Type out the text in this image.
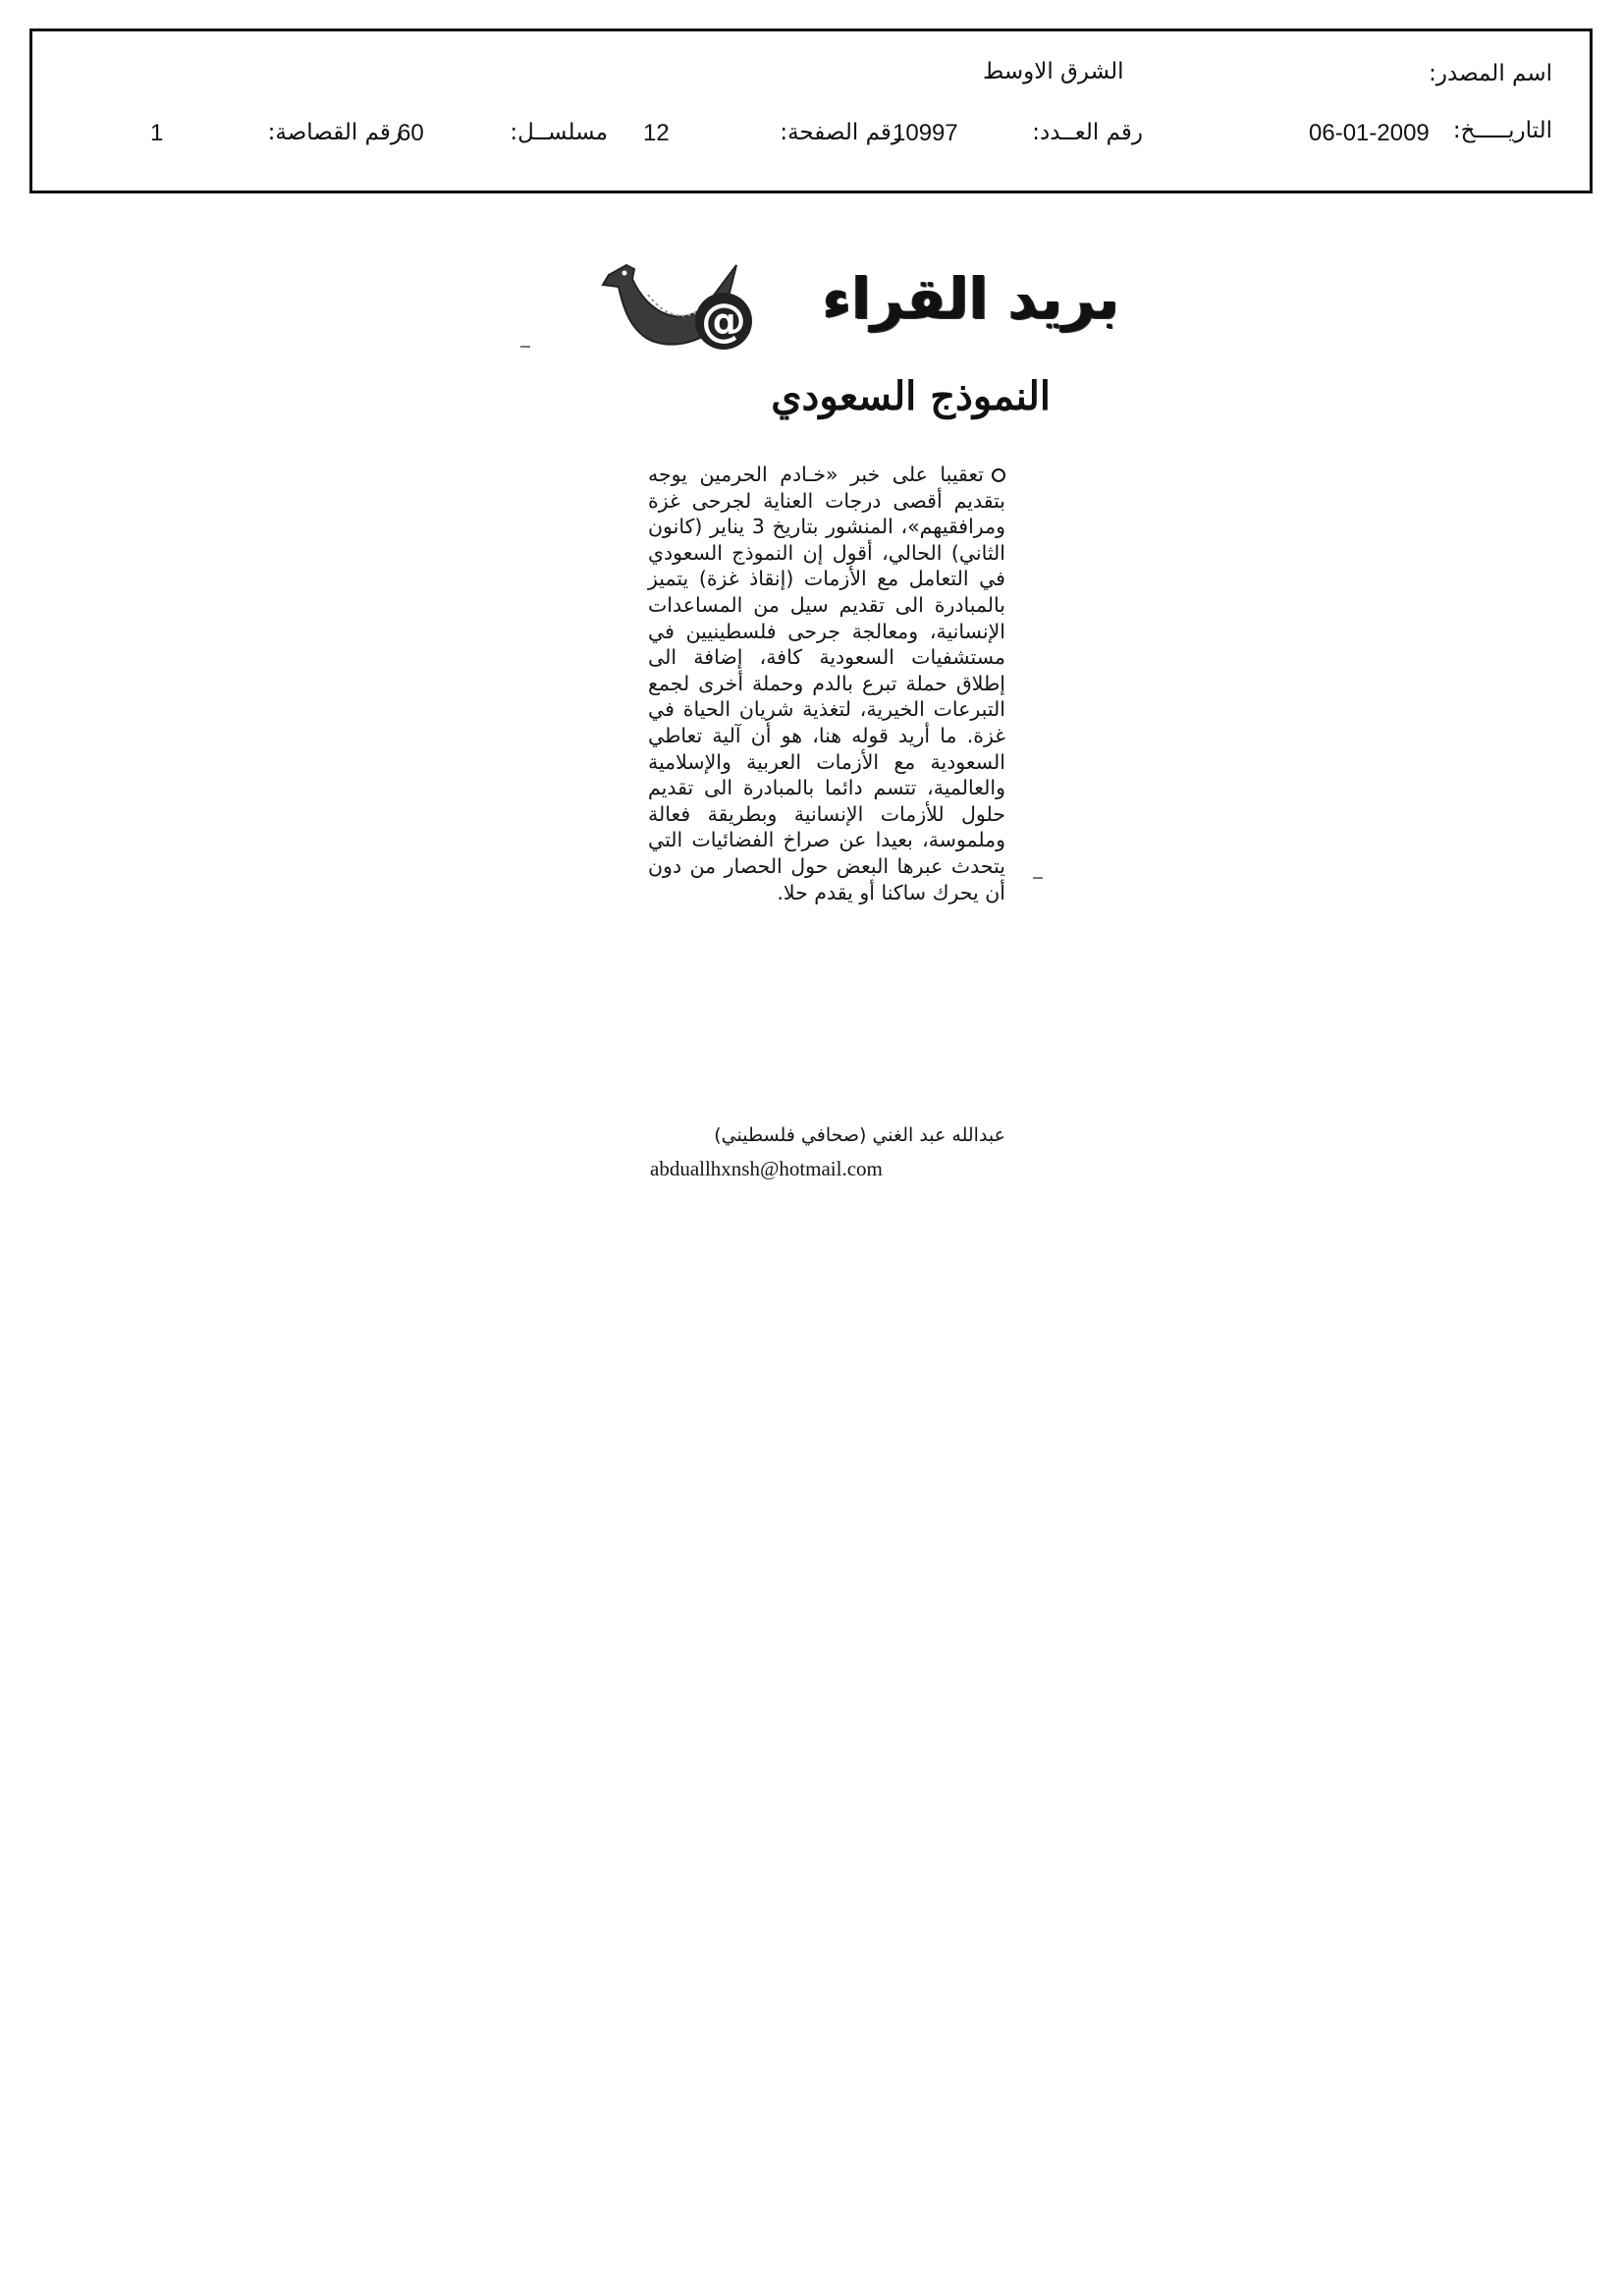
اسم المصدر:
الشرق الاوسط
التاريـــــخ:
06-01-2009
رقم العــدد:
10997
رقم الصفحة:
12
مسلســل:
60
رقم القصاصة:
1
@ بريد القراء
النموذج السعودي

تعقيبا على خبر «خـادم الحرمين يوجه بتقديم أقصى درجات العناية لجرحى غزة ومرافقيهم»، المنشور بتاريخ 3 يناير (كانون الثاني) الحالي، أقول إن النموذج السعودي في التعامل مع الأزمات (إنقاذ غزة) يتميز بالمبادرة الى تقديم سيل من المساعدات الإنسانية، ومعالجة جرحى فلسطينيين في مستشفيات السعودية كافة، إضافة الى إطلاق حملة تبرع بالدم وحملة أخرى لجمع التبرعات الخيرية، لتغذية شريان الحياة في غزة. ما أريد قوله هنا، هو أن آلية تعاطي السعودية مع الأزمات العربية والإسلامية والعالمية، تتسم دائما بالمبادرة الى تقديم حلول للأزمات الإنسانية وبطريقة فعالة وملموسة، بعيدا عن صراخ الفضائيات التي يتحدث عبرها البعض حول الحصار من دون أن يحرك ساكنا أو يقدم حلا.

عبدالله عبد الغني (صحافي فلسطيني)
abduallhxnsh@hotmail.com
